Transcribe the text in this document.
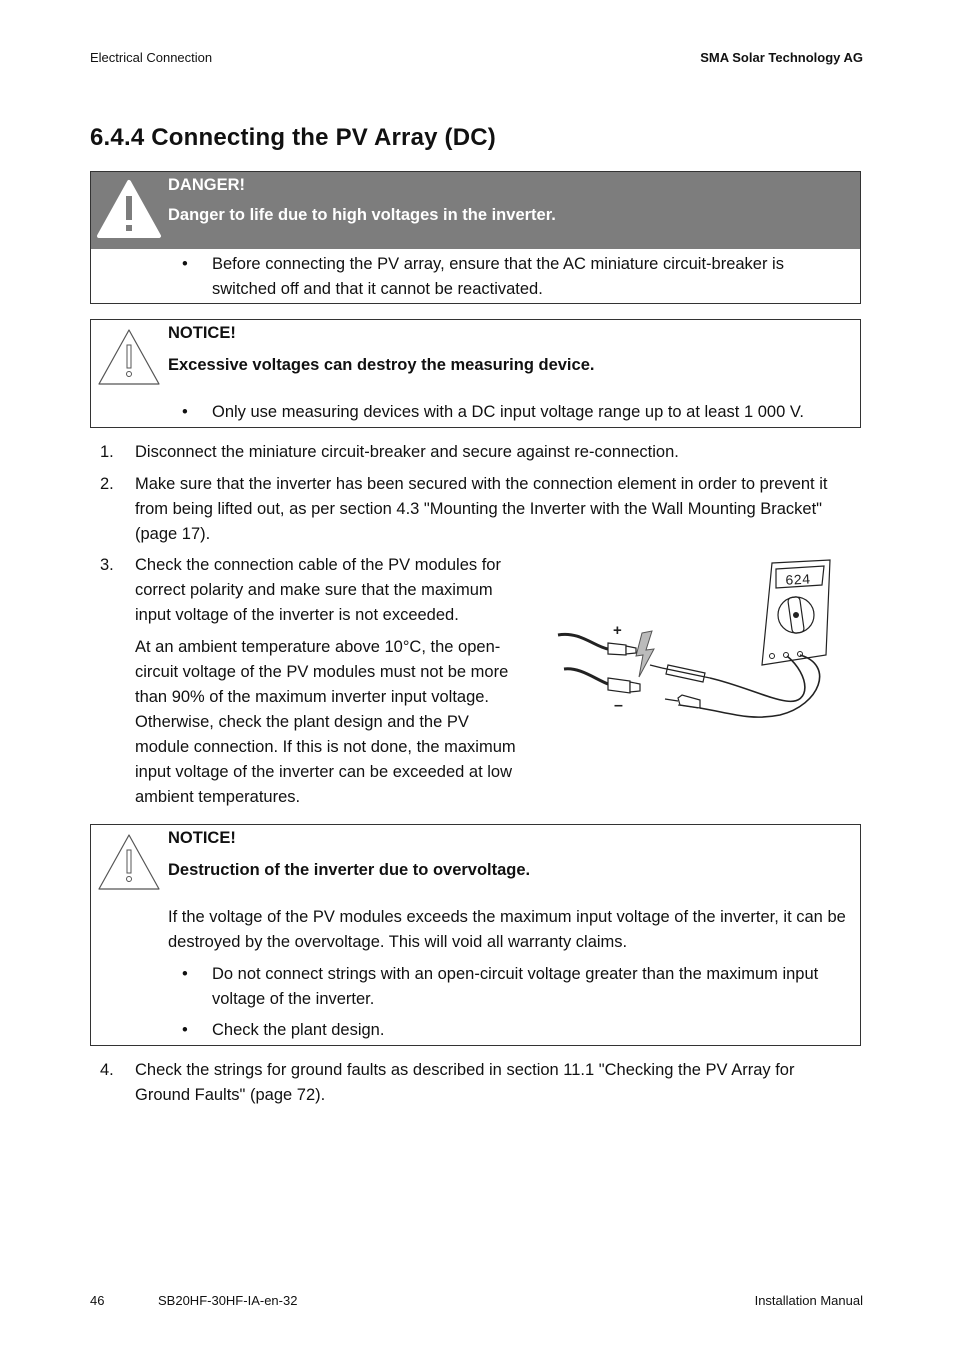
Electrical Connection	SMA Solar Technology AG
6.4.4 Connecting the PV Array (DC)
DANGER!
Danger to life due to high voltages in the inverter.
• Before connecting the PV array, ensure that the AC miniature circuit-breaker is switched off and that it cannot be reactivated.
NOTICE!
Excessive voltages can destroy the measuring device.
• Only use measuring devices with a DC input voltage range up to at least 1 000 V.
1. Disconnect the miniature circuit-breaker and secure against re-connection.
2. Make sure that the inverter has been secured with the connection element in order to prevent it from being lifted out, as per section 4.3 "Mounting the Inverter with the Wall Mounting Bracket" (page 17).
3. Check the connection cable of the PV modules for correct polarity and make sure that the maximum input voltage of the inverter is not exceeded.
At an ambient temperature above 10°C, the open-circuit voltage of the PV modules must not be more than 90% of the maximum inverter input voltage. Otherwise, check the plant design and the PV module connection. If this is not done, the maximum input voltage of the inverter can be exceeded at low ambient temperatures.
624
+
–
NOTICE!
Destruction of the inverter due to overvoltage.
If the voltage of the PV modules exceeds the maximum input voltage of the inverter, it can be destroyed by the overvoltage. This will void all warranty claims.
• Do not connect strings with an open-circuit voltage greater than the maximum input voltage of the inverter.
• Check the plant design.
4. Check the strings for ground faults as described in section 11.1 "Checking the PV Array for Ground Faults" (page 72).
46	SB20HF-30HF-IA-en-32	Installation Manual
